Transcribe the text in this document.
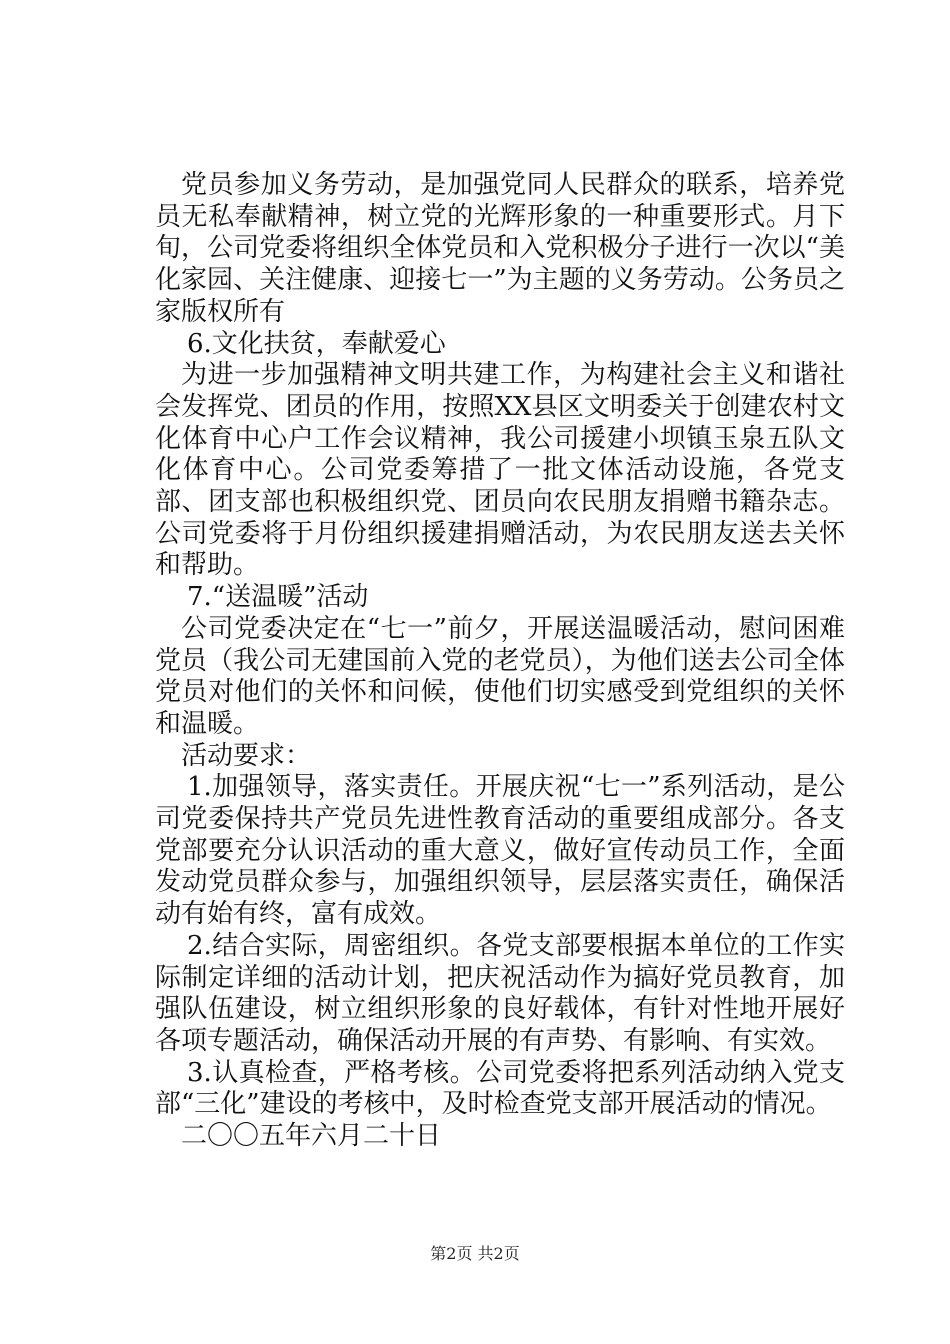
党员参加义务劳动，是加强党同人民群众的联系，培养党员无私奉献精神，树立党的光辉形象的一种重要形式。月下旬，公司党委将组织全体党员和入党积极分子进行一次以“美化家园、关注健康、迎接七一”为主题的义务劳动。公务员之家版权所有

6.文化扶贫，奉献爱心

为进一步加强精神文明共建工作，为构建社会主义和谐社会发挥党、团员的作用，按照XX县区文明委关于创建农村文化体育中心户工作会议精神，我公司援建小坝镇玉泉五队文化体育中心。公司党委筹措了一批文体活动设施，各党支部、团支部也积极组织党、团员向农民朋友捐赠书籍杂志。公司党委将于月份组织援建捐赠活动，为农民朋友送去关怀和帮助。

7.“送温暖”活动

公司党委决定在“七一”前夕，开展送温暖活动，慰问困难党员（我公司无建国前入党的老党员），为他们送去公司全体党员对他们的关怀和问候，使他们切实感受到党组织的关怀和温暖。

活动要求：

1.加强领导，落实责任。开展庆祝“七一”系列活动，是公司党委保持共产党员先进性教育活动的重要组成部分。各支党部要充分认识活动的重大意义，做好宣传动员工作，全面发动党员群众参与，加强组织领导，层层落实责任，确保活动有始有终，富有成效。

2.结合实际，周密组织。各党支部要根据本单位的工作实际制定详细的活动计划，把庆祝活动作为搞好党员教育，加强队伍建设，树立组织形象的良好载体，有针对性地开展好各项专题活动，确保活动开展的有声势、有影响、有实效。

3.认真检查，严格考核。公司党委将把系列活动纳入党支部“三化”建设的考核中，及时检查党支部开展活动的情况。

二〇〇五年六月二十日

第2页 共2页
